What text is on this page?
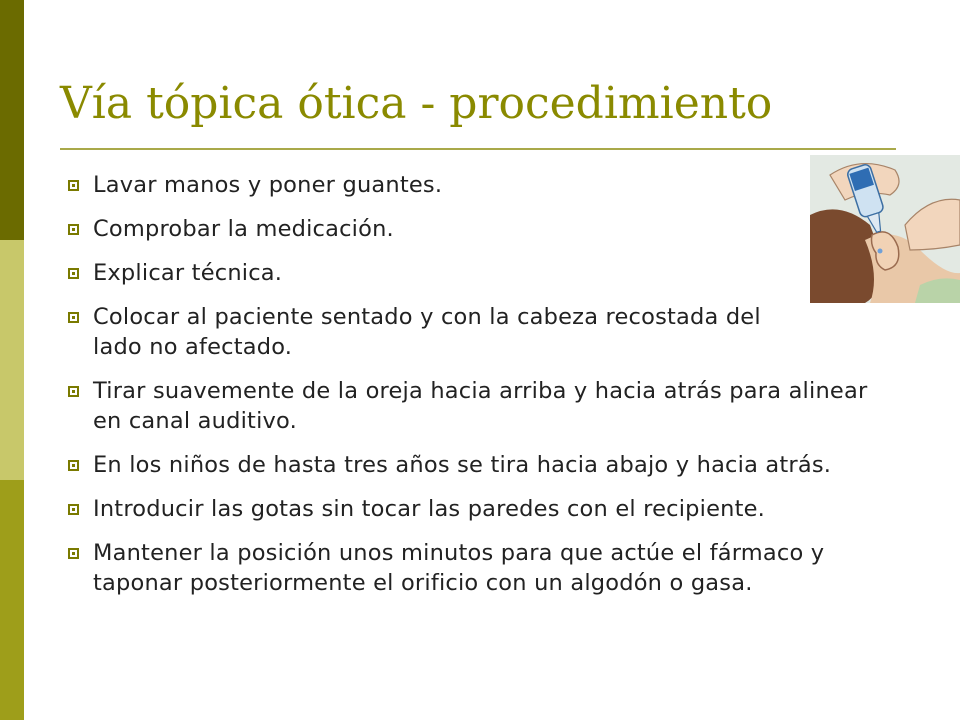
Vía tópica ótica - procedimiento
Lavar manos y poner guantes.
Comprobar la medicación.
Explicar técnica.
Colocar al paciente sentado y con la cabeza recostada del lado no afectado.
Tirar suavemente de la oreja hacia arriba y hacia atrás para alinear en canal auditivo.
En los niños de hasta tres años se tira hacia abajo y hacia atrás.
Introducir las gotas sin tocar las paredes con el recipiente.
Mantener la posición unos minutos para que actúe el fármaco y taponar posteriormente el orificio con un algodón o gasa.
